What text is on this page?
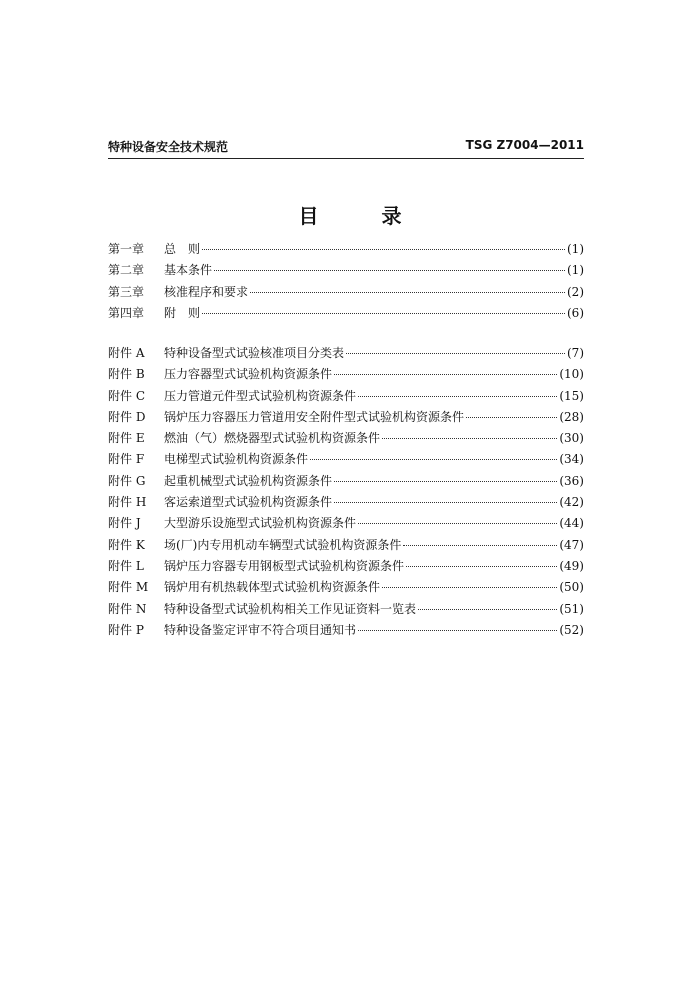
特种设备安全技术规范	TSG Z7004—2011
目 录
第一章	总　则	(1)
第二章	基本条件	(1)
第三章	核准程序和要求	(2)
第四章	附　则	(6)
附件 A	特种设备型式试验核准项目分类表	(7)
附件 B	压力容器型式试验机构资源条件	(10)
附件 C	压力管道元件型式试验机构资源条件	(15)
附件 D	锅炉压力容器压力管道用安全附件型式试验机构资源条件	(28)
附件 E	燃油（气）燃烧器型式试验机构资源条件	(30)
附件 F	电梯型式试验机构资源条件	(34)
附件 G	起重机械型式试验机构资源条件	(36)
附件 H	客运索道型式试验机构资源条件	(42)
附件 J	大型游乐设施型式试验机构资源条件	(44)
附件 K	场(厂)内专用机动车辆型式试验机构资源条件	(47)
附件 L	锅炉压力容器专用钢板型式试验机构资源条件	(49)
附件 M	锅炉用有机热载体型式试验机构资源条件	(50)
附件 N	特种设备型式试验机构相关工作见证资料一览表	(51)
附件 P	特种设备鉴定评审不符合项目通知书	(52)
